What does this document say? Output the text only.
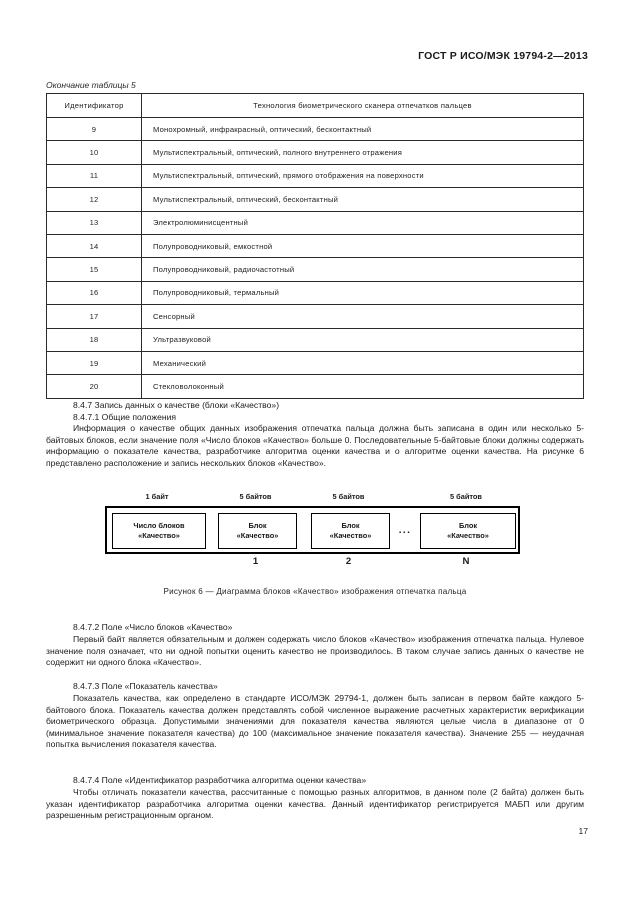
ГОСТ Р ИСО/МЭК 19794-2—2013
Окончание таблицы 5
Идентификатор	Технология биометрического сканера отпечатков пальцев
9	Монохромный, инфракрасный, оптический, бесконтактный
10	Мультиспектральный, оптический, полного внутреннего отражения
11	Мультиспектральный, оптический, прямого отображения на поверхности
12	Мультиспектральный, оптический, бесконтактный
13	Электролюминисцентный
14	Полупроводниковый, емкостной
15	Полупроводниковый, радиочастотный
16	Полупроводниковый, термальный
17	Сенсорный
18	Ультразвуковой
19	Механический
20	Стекловолоконный
8.4.7 Запись данных о качестве (блоки «Качество»)
8.4.7.1 Общие положения
Информация о качестве общих данных изображения отпечатка пальца должна быть записана в один или несколько 5-байтовых блоков, если значение поля «Число блоков «Качество» больше 0. Последовательные 5-байтовые блоки должны содержать информацию о показателе качества, разработчике алгоритма оценки качества и о алгоритме оценки качества. На рисунке 6 представлено расположение и запись нескольких блоков «Качество».
1 байт	5 байтов	5 байтов	5 байтов
Число блоков
«Качество»
Блок
«Качество»
Блок
«Качество»
Блок
«Качество»
...
1	2	N
Рисунок 6 — Диаграмма блоков «Качество» изображения отпечатка пальца
8.4.7.2 Поле «Число блоков «Качество»
Первый байт является обязательным и должен содержать число блоков «Качество» изображения отпечатка пальца. Нулевое значение поля означает, что ни одной попытки оценить качество не производилось. В таком случае запись данных о качестве не содержит ни одного блока «Качество».
8.4.7.3 Поле «Показатель качества»
Показатель качества, как определено в стандарте ИСО/МЭК 29794-1, должен быть записан в первом байте каждого 5-байтового блока. Показатель качества должен представлять собой численное выражение расчетных характеристик верификации биометрического образца. Допустимыми значениями для показателя качества являются целые числа в диапазоне от 0 (минимальное значение показателя качества) до 100 (максимальное значение показателя качества). Значение 255 — неудачная попытка вычисления показателя качества.
8.4.7.4 Поле «Идентификатор разработчика алгоритма оценки качества»
Чтобы отличать показатели качества, рассчитанные с помощью разных алгоритмов, в данном поле (2 байта) должен быть указан идентификатор разработчика алгоритма оценки качества. Данный идентификатор регистрируется МАБП или другим разрешенным регистрационным органом.
17
